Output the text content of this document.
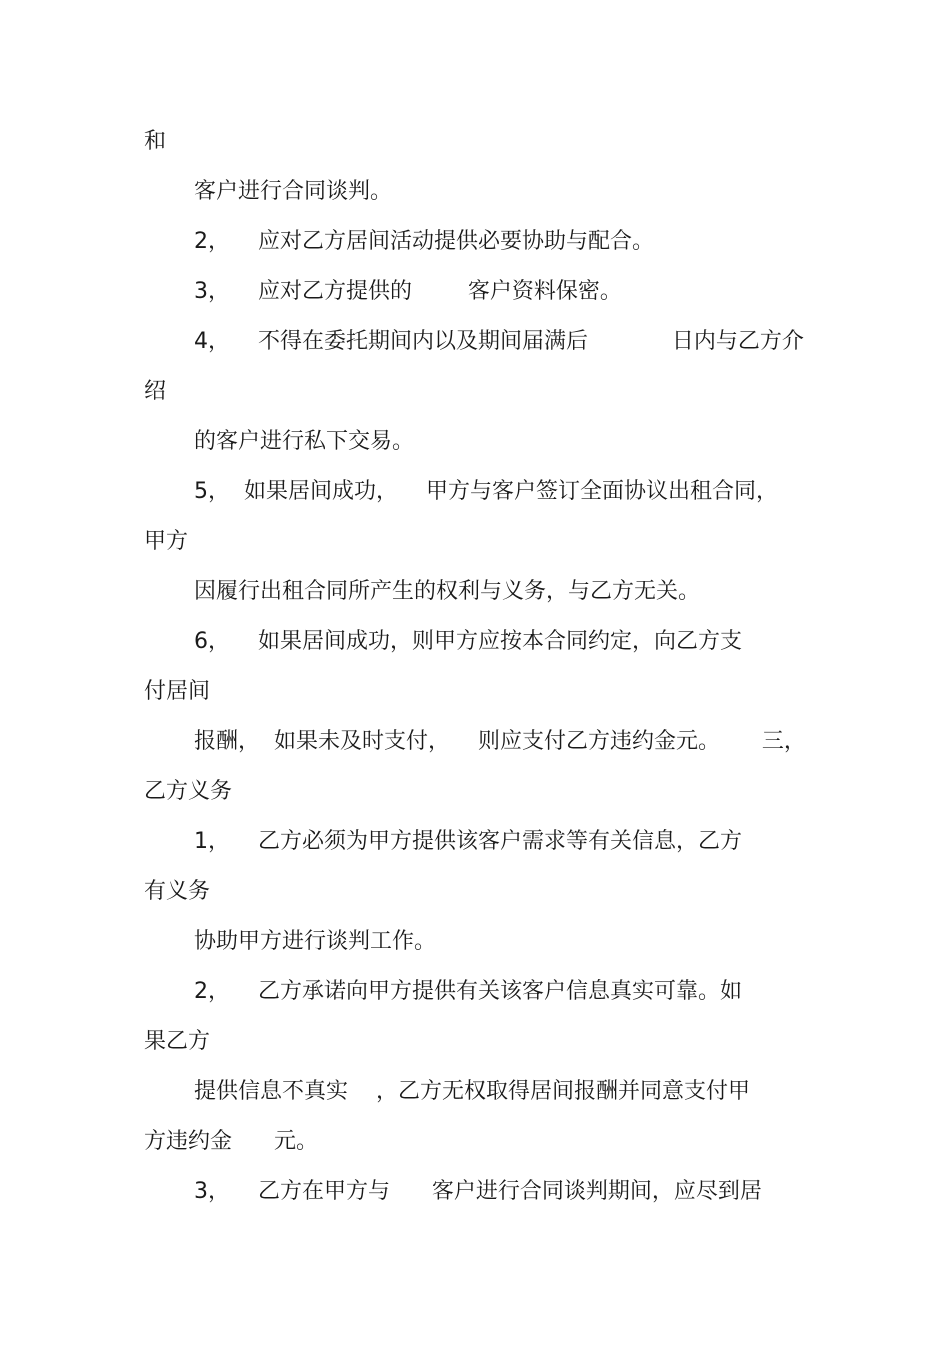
和
客户进行合同谈判。
2，    应对乙方居间活动提供必要协助与配合。
3，    应对乙方提供的        客户资料保密。
4，    不得在委托期间内以及期间届满后            日内与乙方介
绍
的客户进行私下交易。
5，  如果居间成功，    甲方与客户签订全面协议出租合同，
甲方
因履行出租合同所产生的权利与义务，与乙方无关。
6，    如果居间成功，则甲方应按本合同约定，向乙方支
付居间
报酬，  如果未及时支付，    则应支付乙方违约金元。      三，
乙方义务
1，    乙方必须为甲方提供该客户需求等有关信息，乙方
有义务
协助甲方进行谈判工作。
2，    乙方承诺向甲方提供有关该客户信息真实可靠。如
果乙方
提供信息不真实    ，乙方无权取得居间报酬并同意支付甲
方违约金      元。
3，    乙方在甲方与      客户进行合同谈判期间，应尽到居
